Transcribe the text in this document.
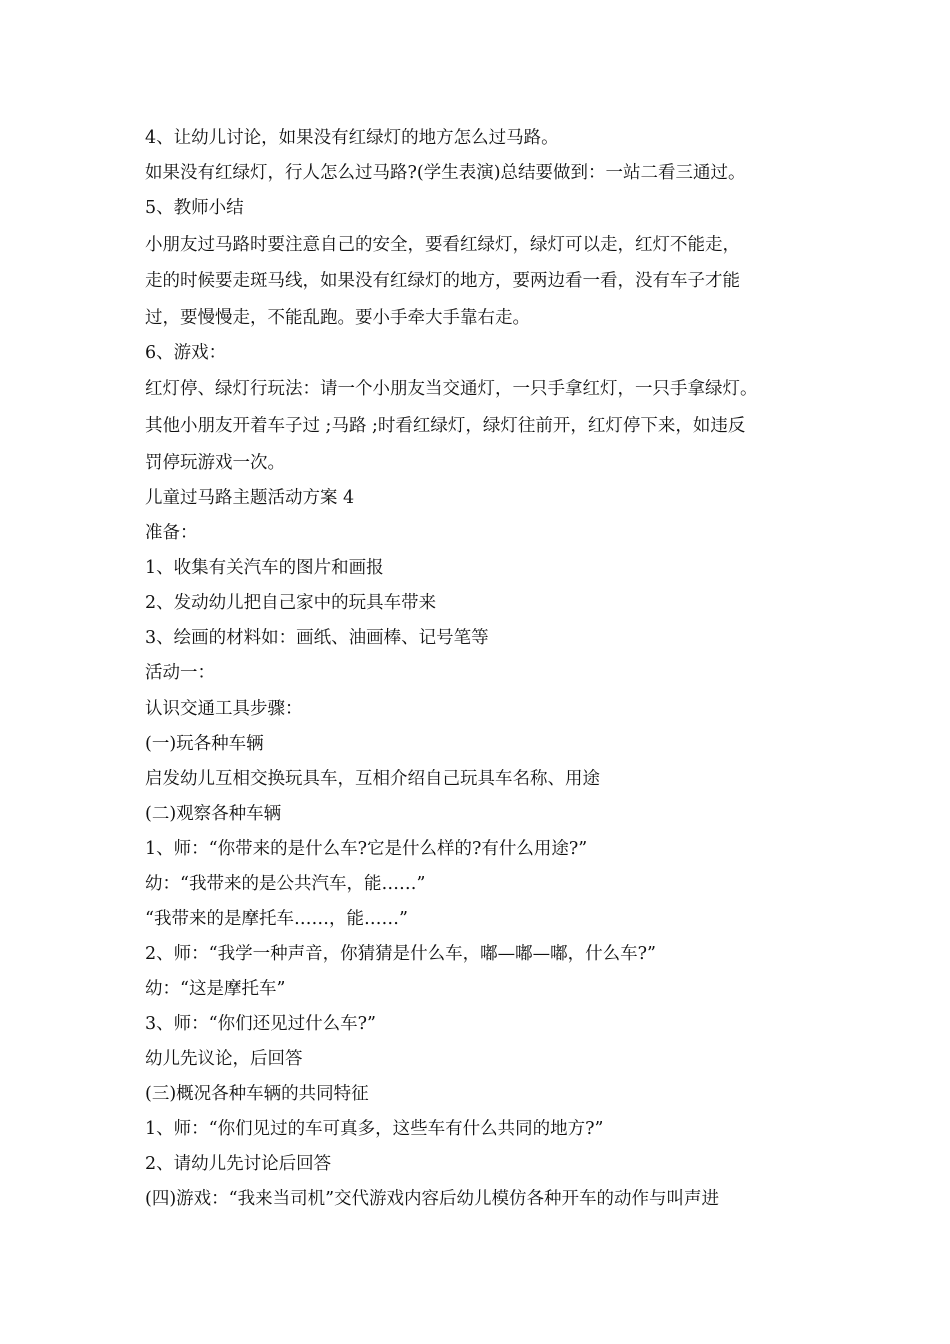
4、让幼儿讨论，如果没有红绿灯的地方怎么过马路。
如果没有红绿灯，行人怎么过马路?(学生表演)总结要做到：一站二看三通过。
5、教师小结
小朋友过马路时要注意自己的安全，要看红绿灯，绿灯可以走，红灯不能走，
走的时候要走斑马线，如果没有红绿灯的地方，要两边看一看，没有车子才能
过，要慢慢走，不能乱跑。要小手牵大手靠右走。
6、游戏：
红灯停、绿灯行玩法：请一个小朋友当交通灯，一只手拿红灯，一只手拿绿灯。
其他小朋友开着车子过 ;马路 ;时看红绿灯，绿灯往前开，红灯停下来，如违反
罚停玩游戏一次。
儿童过马路主题活动方案 4
准备：
1、收集有关汽车的图片和画报
2、发动幼儿把自己家中的玩具车带来
3、绘画的材料如：画纸、油画棒、记号笔等
活动一：
认识交通工具步骤：
(一)玩各种车辆
启发幼儿互相交换玩具车，互相介绍自己玩具车名称、用途
(二)观察各种车辆
1、师：“你带来的是什么车?它是什么样的?有什么用途?”
幼：“我带来的是公共汽车，能……”
“我带来的是摩托车……，能……”
2、师：“我学一种声音，你猜猜是什么车，嘟—嘟—嘟，什么车?”
幼：“这是摩托车”
3、师：“你们还见过什么车?”
幼儿先议论，后回答
(三)概况各种车辆的共同特征
1、师：“你们见过的车可真多，这些车有什么共同的地方?”
2、请幼儿先讨论后回答
(四)游戏：“我来当司机”交代游戏内容后幼儿模仿各种开车的动作与叫声进
